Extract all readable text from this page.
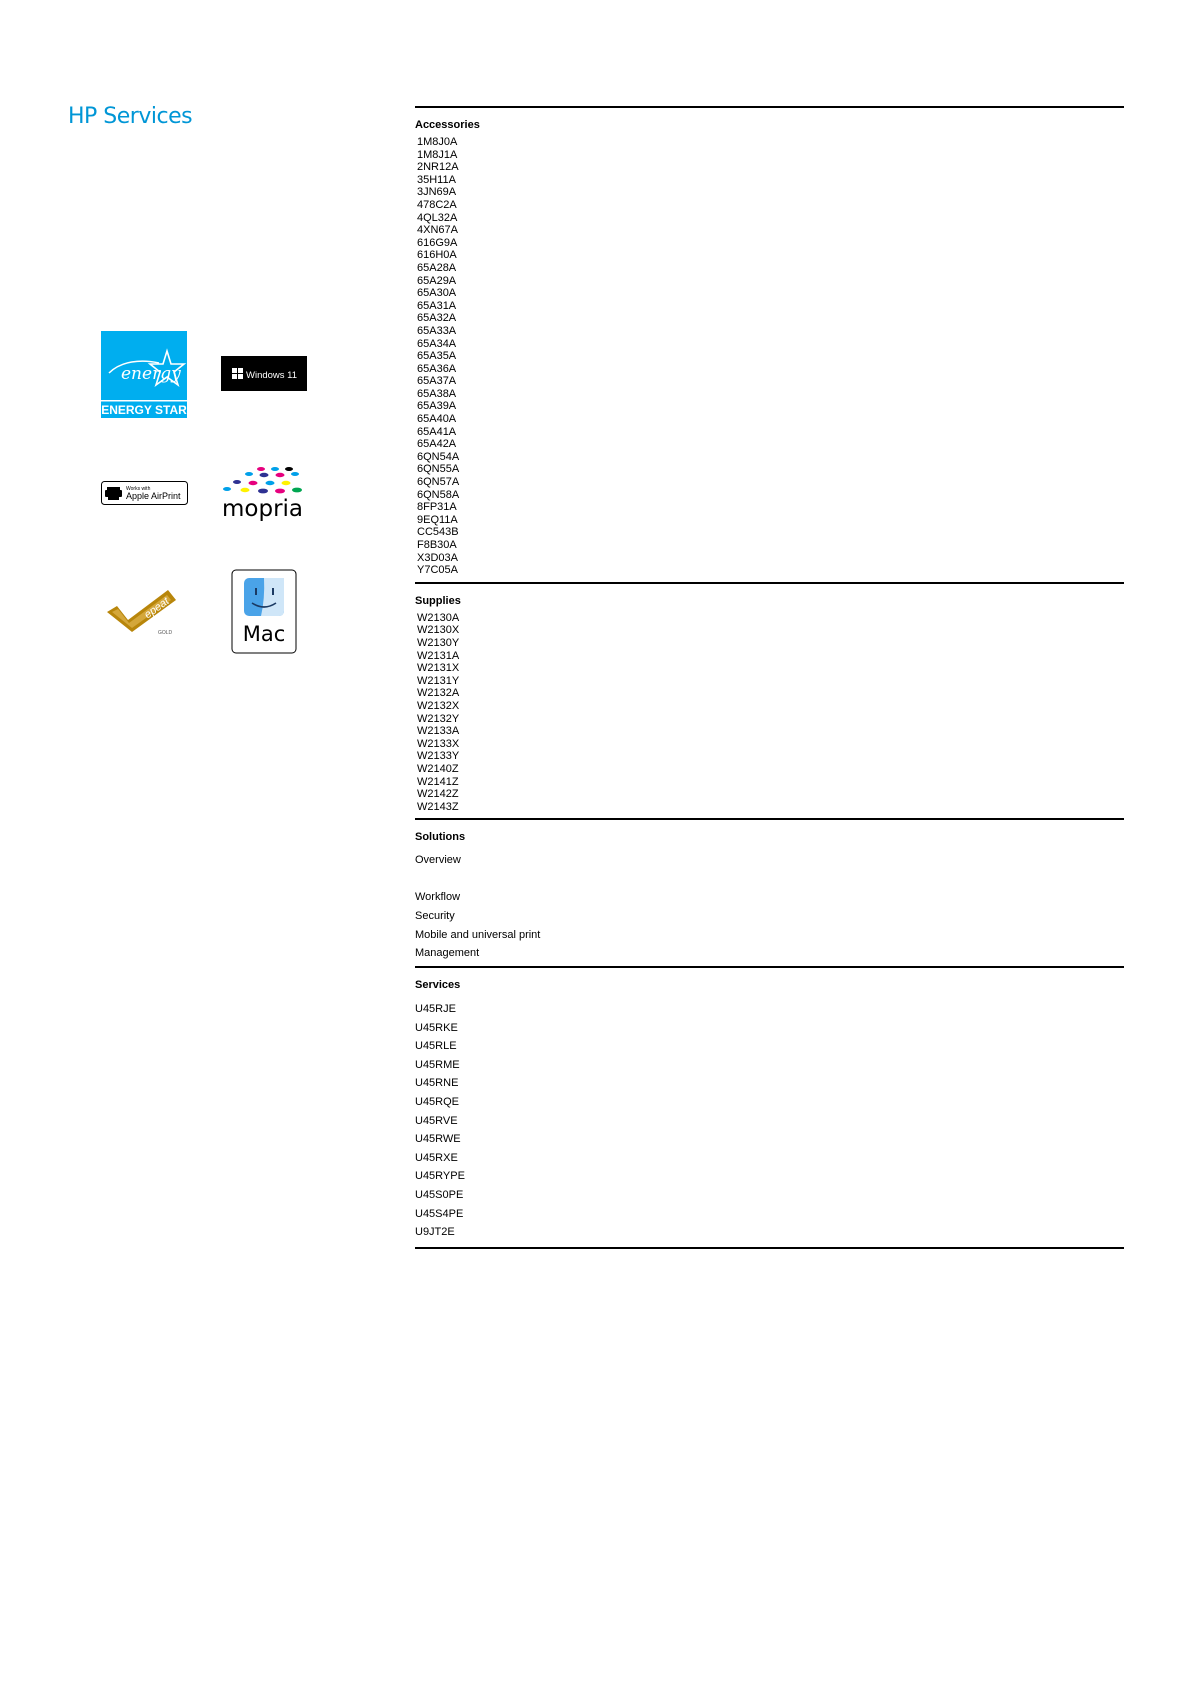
HP Services
energy
ENERGY STAR
Windows 11
Works with
Apple AirPrint mopria
epeat
GOLD	Mac
Accessories
1M8J0A
1M8J1A
2NR12A
35H11A
3JN69A
478C2A
4QL32A
4XN67A
616G9A
616H0A
65A28A
65A29A
65A30A
65A31A
65A32A
65A33A
65A34A
65A35A
65A36A
65A37A
65A38A
65A39A
65A40A
65A41A
65A42A
6QN54A
6QN55A
6QN57A
6QN58A
8FP31A
9EQ11A
CC543B
F8B30A
X3D03A
Y7C05A
Supplies
W2130A
W2130X
W2130Y
W2131A
W2131X
W2131Y
W2132A
W2132X
W2132Y
W2133A
W2133X
W2133Y
W2140Z
W2141Z
W2142Z
W2143Z
Solutions
Overview
Workflow
Security
Mobile and universal print
Management
Services
U45RJE
U45RKE
U45RLE
U45RME
U45RNE
U45RQE
U45RVE
U45RWE
U45RXE
U45RYPE
U45S0PE
U45S4PE
U9JT2E
